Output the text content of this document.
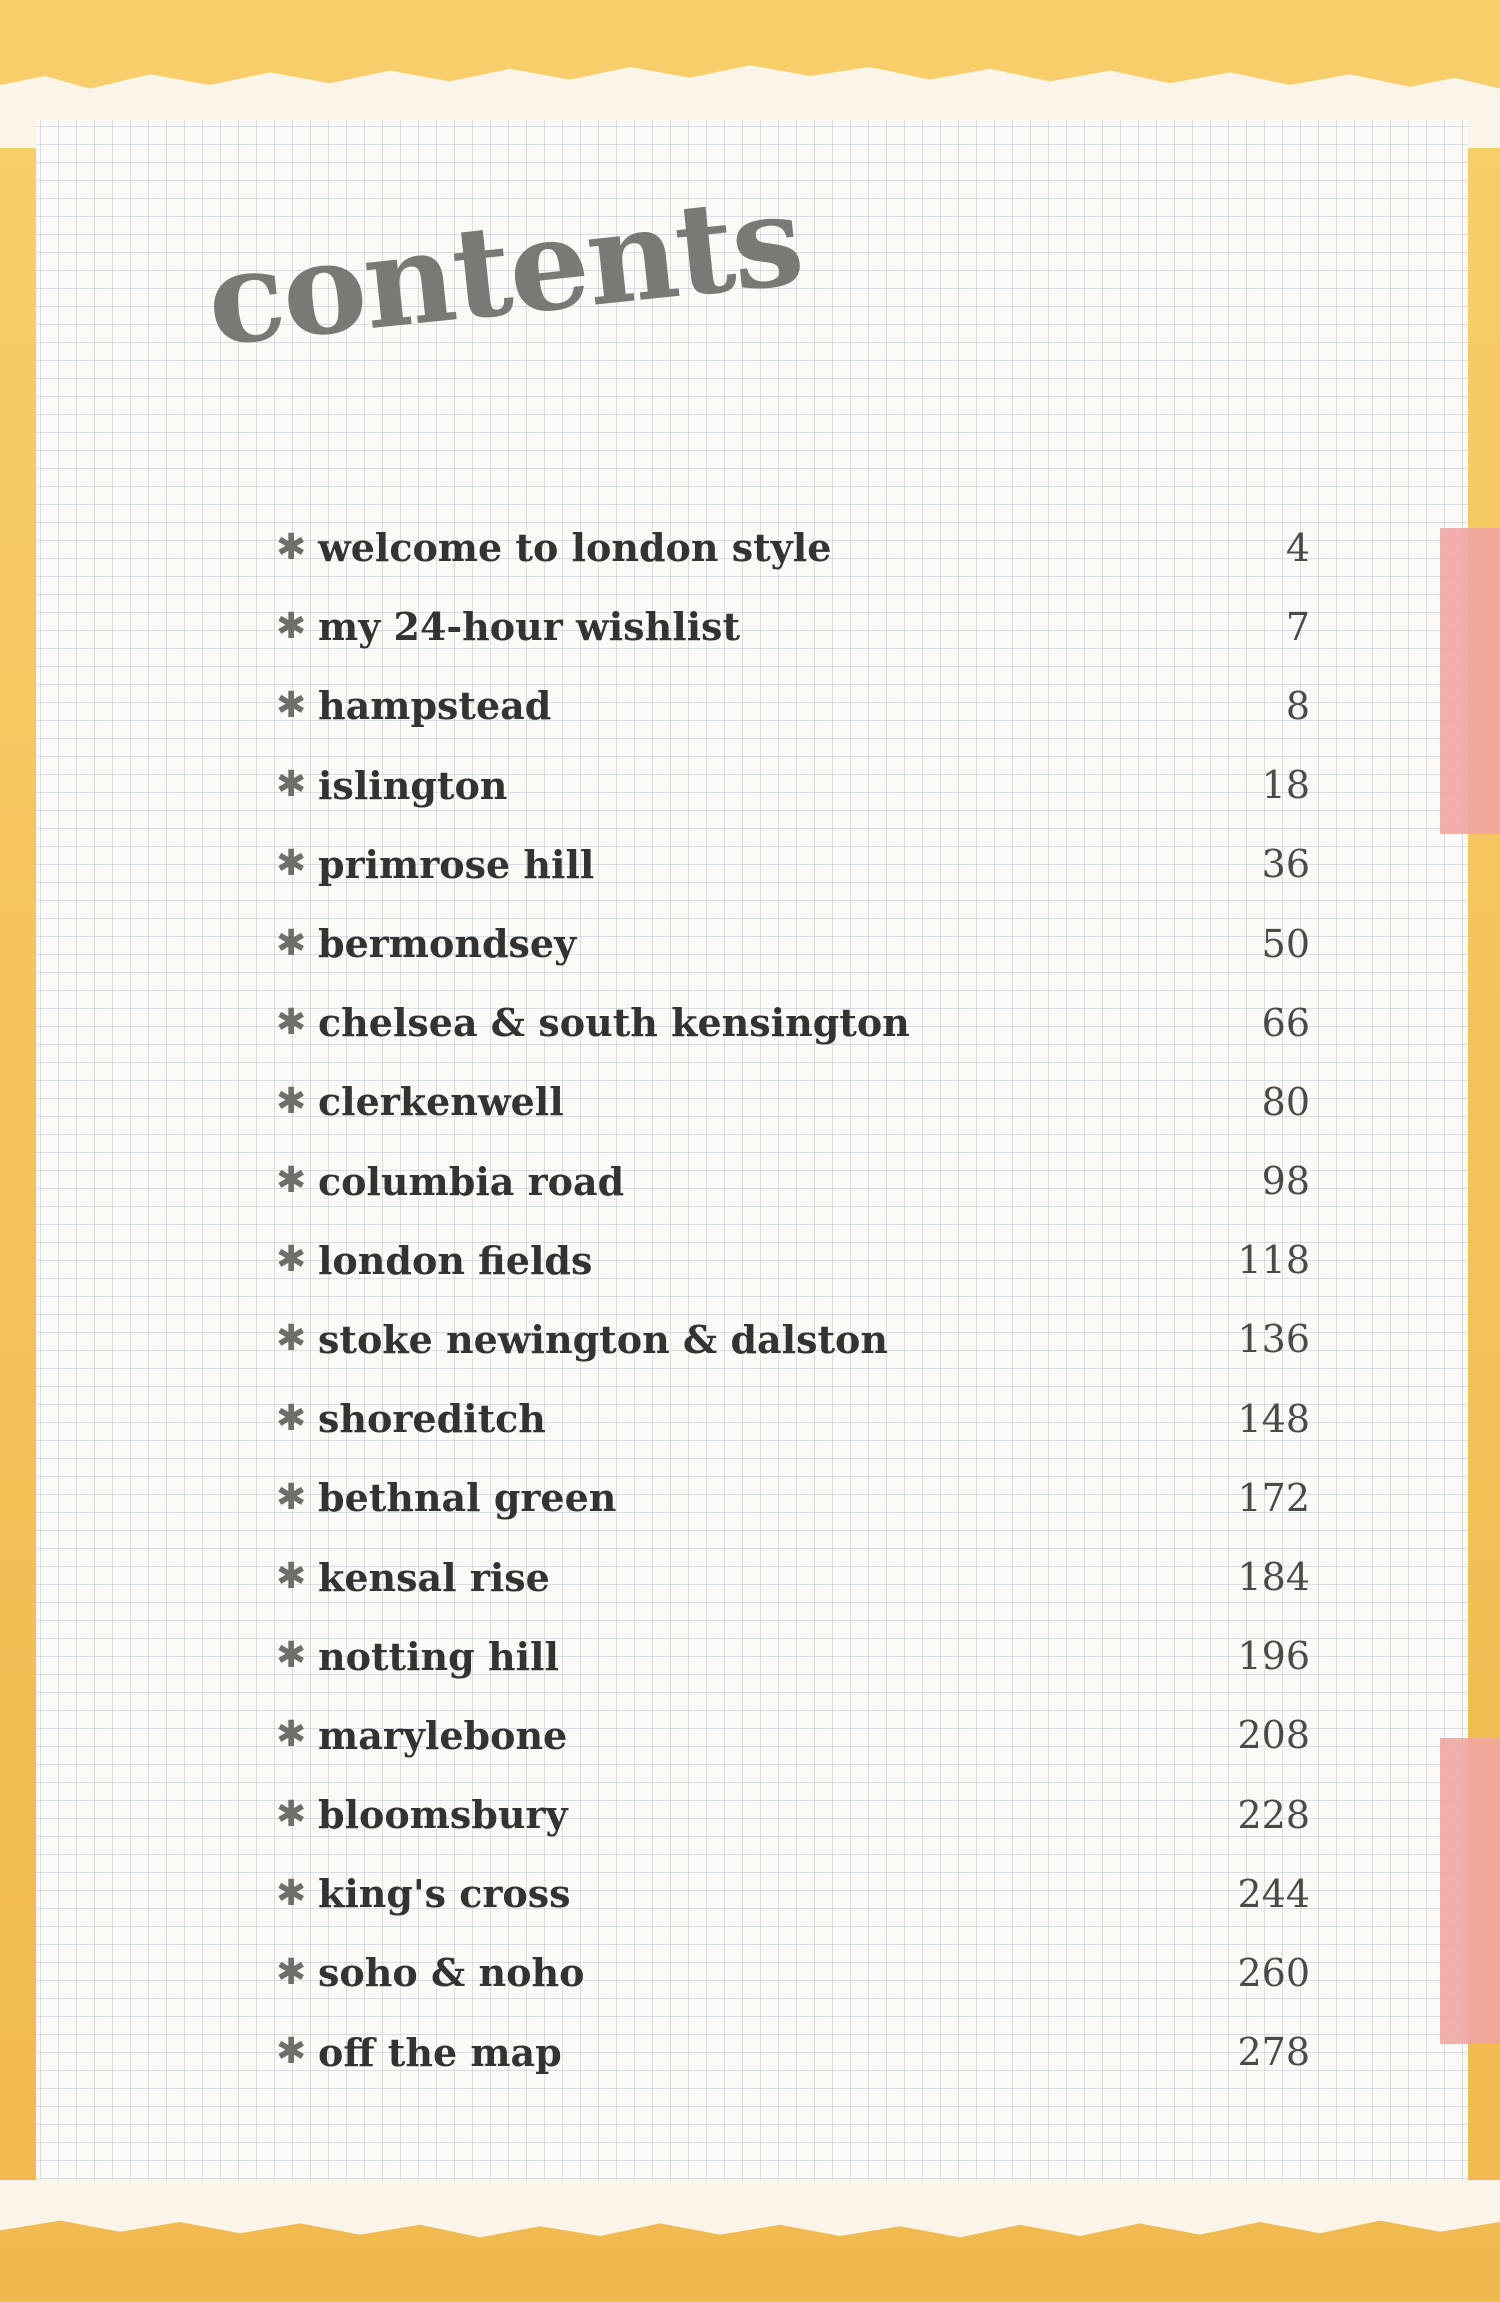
contents
✱ welcome to london style	4
✱ my 24-hour wishlist	7
✱ hampstead	8
✱ islington	18
✱ primrose hill	36
✱ bermondsey	50
✱ chelsea & south kensington	66
✱ clerkenwell	80
✱ columbia road	98
✱ london fields	118
✱ stoke newington & dalston	136
✱ shoreditch	148
✱ bethnal green	172
✱ kensal rise	184
✱ notting hill	196
✱ marylebone	208
✱ bloomsbury	228
✱ king's cross	244
✱ soho & noho	260
✱ off the map	278
